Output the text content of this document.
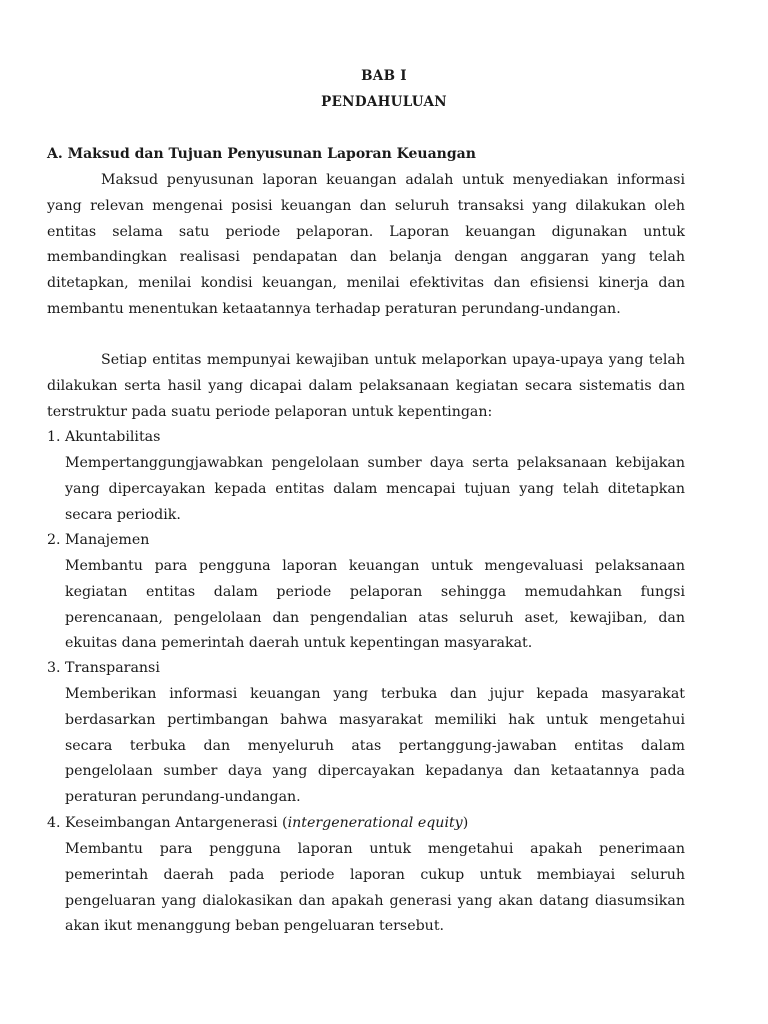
BAB I
PENDAHULUAN
A. Maksud dan Tujuan Penyusunan Laporan Keuangan
Maksud penyusunan laporan keuangan adalah untuk menyediakan informasi yang relevan mengenai posisi keuangan dan seluruh transaksi yang dilakukan oleh entitas selama satu periode pelaporan. Laporan keuangan digunakan untuk membandingkan realisasi pendapatan dan belanja dengan anggaran yang telah ditetapkan, menilai kondisi keuangan, menilai efektivitas dan efisiensi kinerja dan membantu menentukan ketaatannya terhadap peraturan perundang-undangan.
Setiap entitas mempunyai kewajiban untuk melaporkan upaya-upaya yang telah dilakukan serta hasil yang dicapai dalam pelaksanaan kegiatan secara sistematis dan terstruktur pada suatu periode pelaporan untuk kepentingan:
1. Akuntabilitas
Mempertanggungjawabkan pengelolaan sumber daya serta pelaksanaan kebijakan yang dipercayakan kepada entitas dalam mencapai tujuan yang telah ditetapkan secara periodik.
2. Manajemen
Membantu para pengguna laporan keuangan untuk mengevaluasi pelaksanaan kegiatan entitas dalam periode pelaporan sehingga memudahkan fungsi perencanaan, pengelolaan dan pengendalian atas seluruh aset, kewajiban, dan ekuitas dana pemerintah daerah untuk kepentingan masyarakat.
3. Transparansi
Memberikan informasi keuangan yang terbuka dan jujur kepada masyarakat berdasarkan pertimbangan bahwa masyarakat memiliki hak untuk mengetahui secara terbuka dan menyeluruh atas pertanggung-jawaban entitas dalam pengelolaan sumber daya yang dipercayakan kepadanya dan ketaatannya pada peraturan perundang-undangan.
4. Keseimbangan Antargenerasi (intergenerational equity)
Membantu para pengguna laporan untuk mengetahui apakah penerimaan pemerintah daerah pada periode laporan cukup untuk membiayai seluruh pengeluaran yang dialokasikan dan apakah generasi yang akan datang diasumsikan akan ikut menanggung beban pengeluaran tersebut.
